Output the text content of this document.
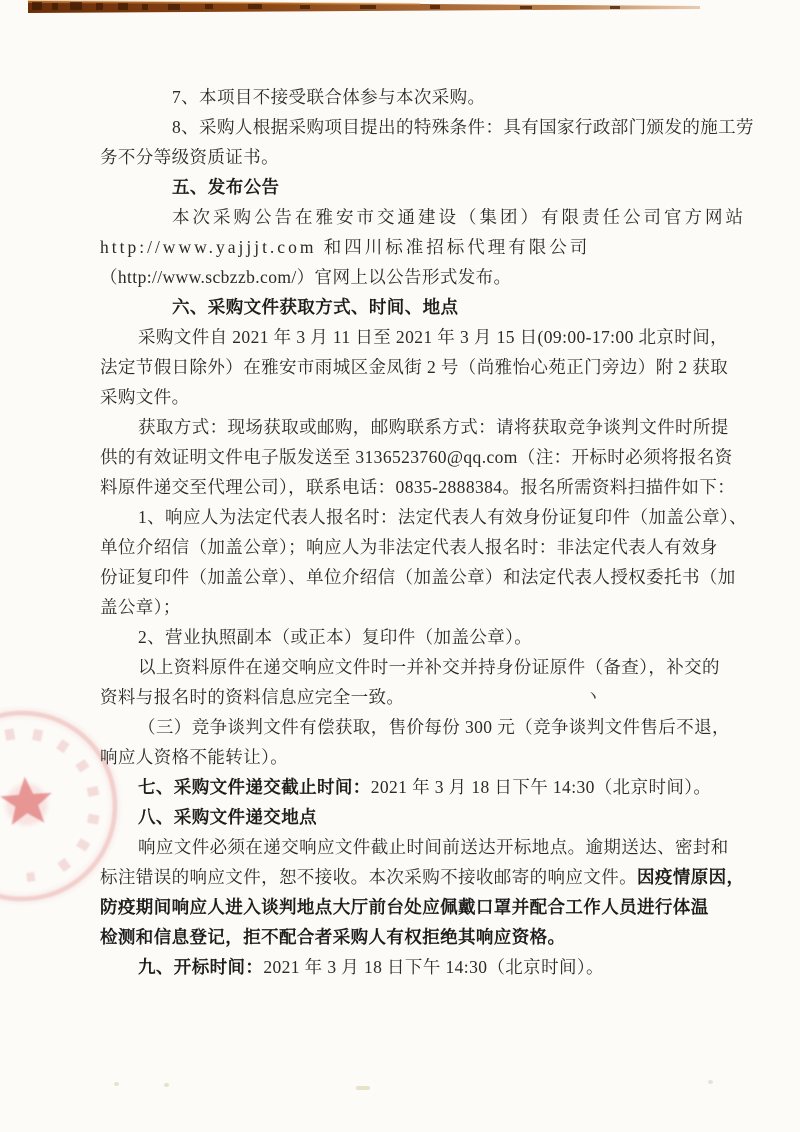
7、本项目不接受联合体参与本次采购。
8、采购人根据采购项目提出的特殊条件：具有国家行政部门颁发的施工劳
务不分等级资质证书。
五、发布公告
本次采购公告在雅安市交通建设（集团）有限责任公司官方网站
http://www.yajjjt.com 和四川标准招标代理有限公司
（http://www.scbzzb.com/）官网上以公告形式发布。
六、采购文件获取方式、时间、地点
采购文件自 2021 年 3 月 11 日至 2021 年 3 月 15 日(09:00-17:00 北京时间，
法定节假日除外）在雅安市雨城区金凤街 2 号（尚雅怡心苑正门旁边）附 2 获取
采购文件。
获取方式：现场获取或邮购，邮购联系方式：请将获取竞争谈判文件时所提
供的有效证明文件电子版发送至 3136523760@qq.com（注：开标时必须将报名资
料原件递交至代理公司），联系电话：0835-2888384。报名所需资料扫描件如下：
1、响应人为法定代表人报名时：法定代表人有效身份证复印件（加盖公章）、
单位介绍信（加盖公章）；响应人为非法定代表人报名时：非法定代表人有效身
份证复印件（加盖公章）、单位介绍信（加盖公章）和法定代表人授权委托书（加
盖公章）；
2、营业执照副本（或正本）复印件（加盖公章）。
以上资料原件在递交响应文件时一并补交并持身份证原件（备查），补交的
资料与报名时的资料信息应完全一致。
（三）竞争谈判文件有偿获取，售价每份 300 元（竞争谈判文件售后不退，
响应人资格不能转让）。
七、采购文件递交截止时间：2021 年 3 月 18 日下午 14:30（北京时间）。
八、采购文件递交地点
响应文件必须在递交响应文件截止时间前送达开标地点。逾期送达、密封和
标注错误的响应文件，恕不接收。本次采购不接收邮寄的响应文件。因疫情原因，
防疫期间响应人进入谈判地点大厅前台处应佩戴口罩并配合工作人员进行体温
检测和信息登记，拒不配合者采购人有权拒绝其响应资格。
九、开标时间：2021 年 3 月 18 日下午 14:30（北京时间）。
丶
